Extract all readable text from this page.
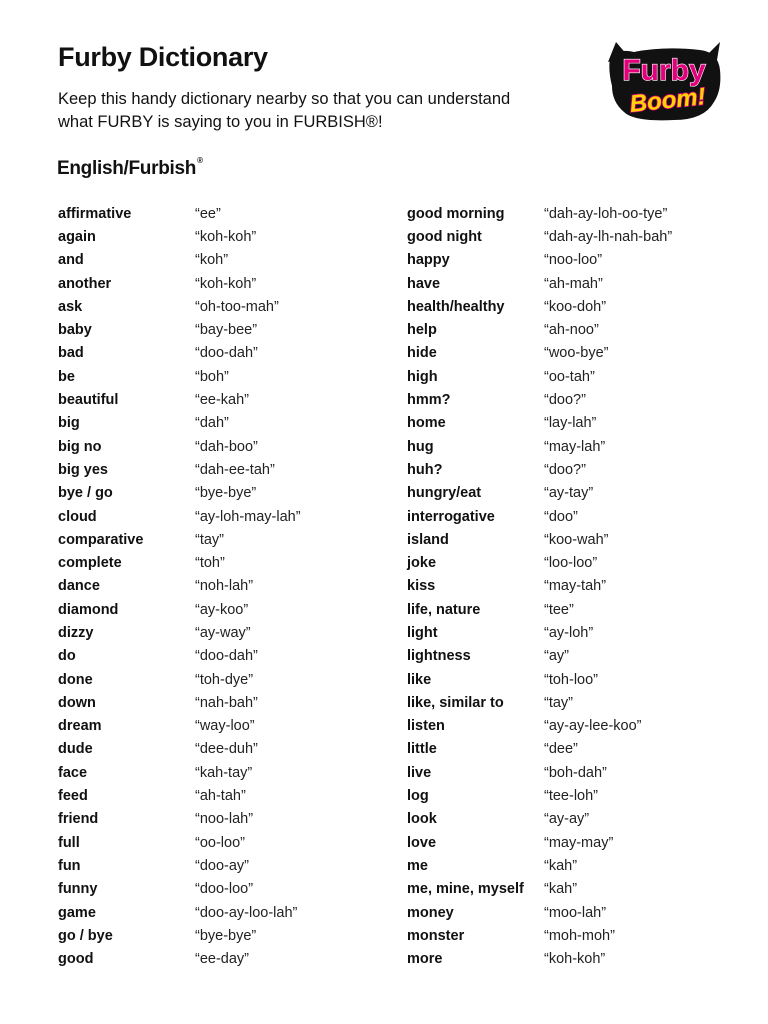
Furby Dictionary

Keep this handy dictionary nearby so that you can understand
what FURBY is saying to you in FURBISH®!

English/Furbish®
Furby
Boom!
affirmative	“ee”
again	“koh-koh”
and	“koh”
another	“koh-koh”
ask	“oh-too-mah”
baby	“bay-bee”
bad	“doo-dah”
be	“boh”
beautiful	“ee-kah”
big	“dah”
big no	“dah-boo”
big yes	“dah-ee-tah”
bye / go	“bye-bye”
cloud	“ay-loh-may-lah”
comparative	“tay”
complete	“toh”
dance	“noh-lah”
diamond	“ay-koo”
dizzy	“ay-way”
do	“doo-dah”
done	“toh-dye”
down	“nah-bah”
dream	“way-loo”
dude	“dee-duh”
face	“kah-tay”
feed	“ah-tah”
friend	“noo-lah”
full	“oo-loo”
fun	“doo-ay”
funny	“doo-loo”
game	“doo-ay-loo-lah”
go / bye	“bye-bye”
good	“ee-day”
good morning	“dah-ay-loh-oo-tye”
good night	“dah-ay-lh-nah-bah”
happy	“noo-loo”
have	“ah-mah”
health/healthy	“koo-doh”
help	“ah-noo”
hide	“woo-bye”
high	“oo-tah”
hmm?	“doo?”
home	“lay-lah”
hug	“may-lah”
huh?	“doo?”
hungry/eat	“ay-tay”
interrogative	“doo”
island	“koo-wah”
joke	“loo-loo”
kiss	“may-tah”
life, nature	“tee”
light	“ay-loh”
lightness	“ay”
like	“toh-loo”
like, similar to	“tay”
listen	“ay-ay-lee-koo”
little	“dee”
live	“boh-dah”
log	“tee-loh”
look	“ay-ay”
love	“may-may”
me	“kah”
me, mine, myself	“kah”
money	“moo-lah”
monster	“moh-moh”
more	“koh-koh”
